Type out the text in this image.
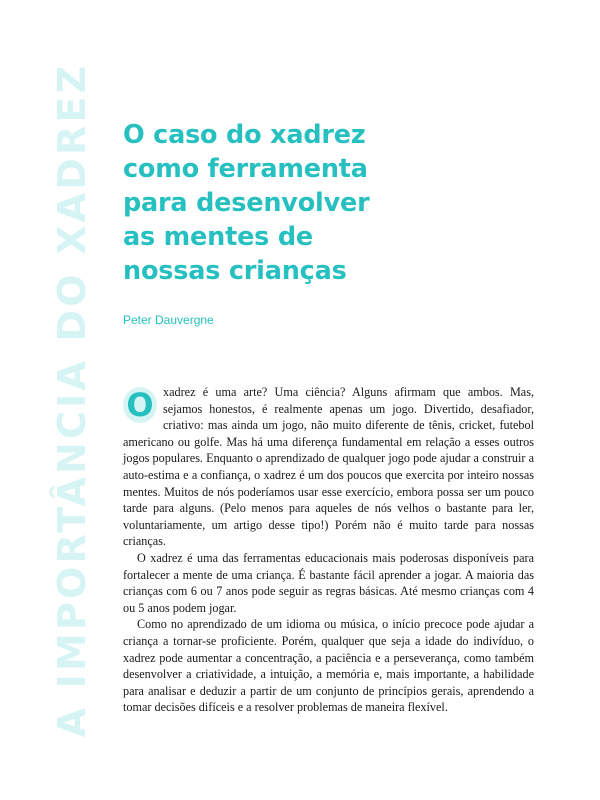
A IMPORTÂNCIA DO XADREZ O caso do xadrez
como ferramenta
para desenvolver
as mentes de
nossas crianças
Peter Dauvergne

O xadrez é uma arte? Uma ciência? Alguns afirmam que ambos. Mas, sejamos honestos, é realmente apenas um jogo. Divertido, desafiador, criativo: mas ainda um jogo, não muito diferente de tênis, cricket, futebol americano ou golfe. Mas há uma diferença fundamental em relação a esses outros jogos populares. Enquanto o aprendizado de qualquer jogo pode ajudar a construir a auto-estima e a confiança, o xadrez é um dos poucos que exercita por inteiro nossas mentes. Muitos de nós poderíamos usar esse exercício, embora possa ser um pouco tarde para alguns. (Pelo menos para aqueles de nós velhos o bastante para ler, voluntariamente, um artigo desse tipo!) Porém não é muito tarde para nossas crianças.

O xadrez é uma das ferramentas educacionais mais poderosas disponíveis para fortalecer a mente de uma criança. É bastante fácil aprender a jogar. A maioria das crianças com 6 ou 7 anos pode seguir as regras básicas. Até mesmo crianças com 4 ou 5 anos podem jogar.

Como no aprendizado de um idioma ou música, o início precoce pode ajudar a criança a tornar-se proficiente. Porém, qualquer que seja a idade do indivíduo, o xadrez pode aumentar a concentração, a paciência e a perseverança, como também desenvolver a criatividade, a intuição, a memória e, mais importante, a habilidade para analisar e deduzir a partir de um conjunto de princípios gerais, aprendendo a tomar decisões difíceis e a resolver problemas de maneira flexível.
